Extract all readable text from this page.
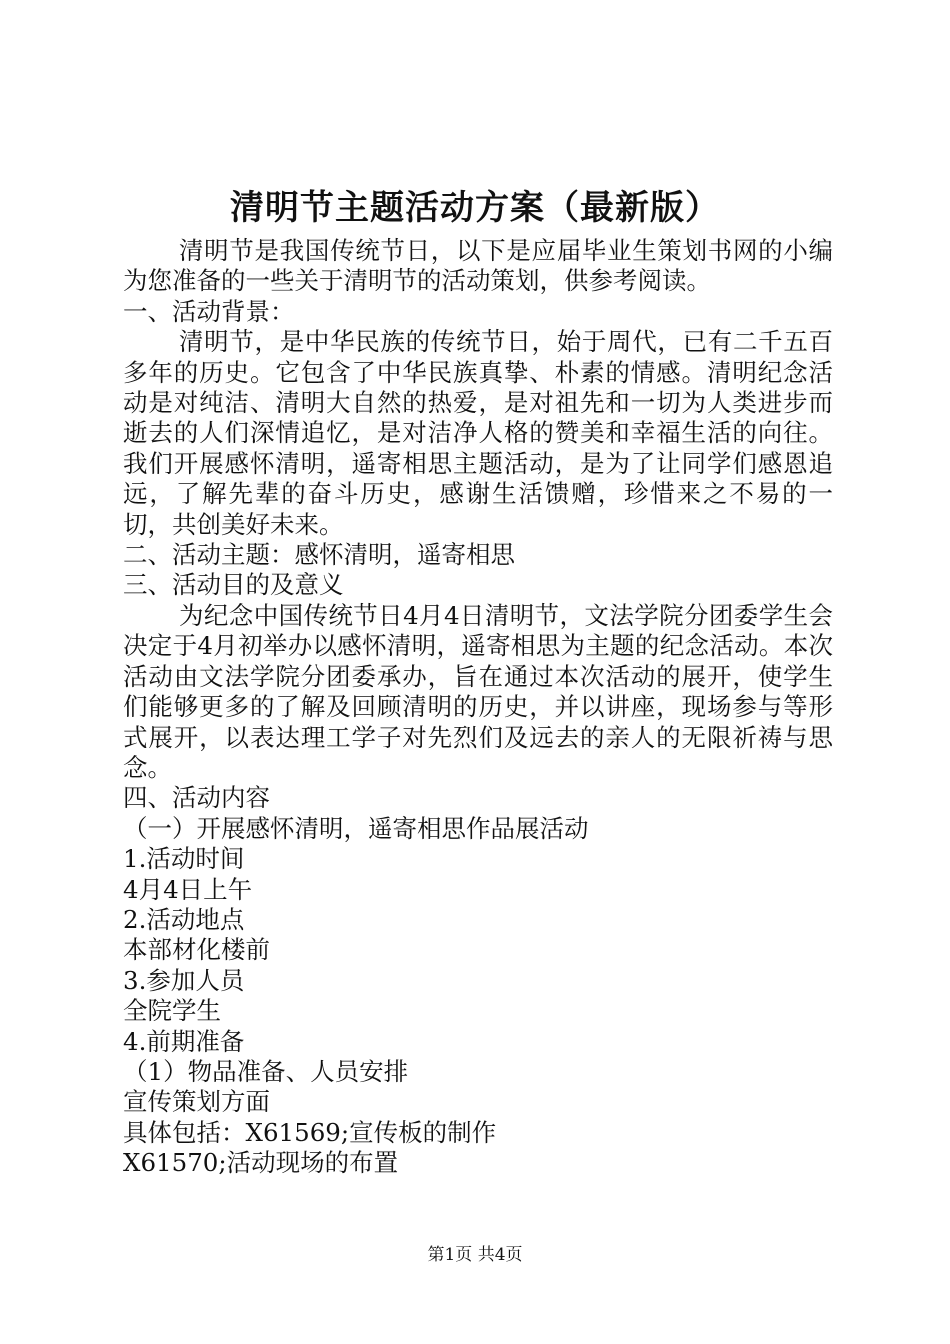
清明节主题活动方案（最新版）

清明节是我国传统节日，以下是应届毕业生策划书网的小编为您准备的一些关于清明节的活动策划，供参考阅读。

一、活动背景：

清明节，是中华民族的传统节日，始于周代，已有二千五百多年的历史。它包含了中华民族真挚、朴素的情感。清明纪念活动是对纯洁、清明大自然的热爱，是对祖先和一切为人类进步而逝去的人们深情追忆，是对洁净人格的赞美和幸福生活的向往。我们开展感怀清明，遥寄相思主题活动，是为了让同学们感恩追远，了解先辈的奋斗历史，感谢生活馈赠，珍惜来之不易的一切，共创美好未来。

二、活动主题：感怀清明，遥寄相思

三、活动目的及意义

为纪念中国传统节日4月4日清明节，文法学院分团委学生会决定于4月初举办以感怀清明，遥寄相思为主题的纪念活动。本次活动由文法学院分团委承办，旨在通过本次活动的展开，使学生们能够更多的了解及回顾清明的历史，并以讲座，现场参与等形式展开，以表达理工学子对先烈们及远去的亲人的无限祈祷与思念。

四、活动内容

（一）开展感怀清明，遥寄相思作品展活动

1.活动时间

4月4日上午

2.活动地点

本部材化楼前

3.参加人员

全院学生

4.前期准备

（1）物品准备、人员安排

宣传策划方面

具体包括：X61569;宣传板的制作

X61570;活动现场的布置

第1页 共4页
